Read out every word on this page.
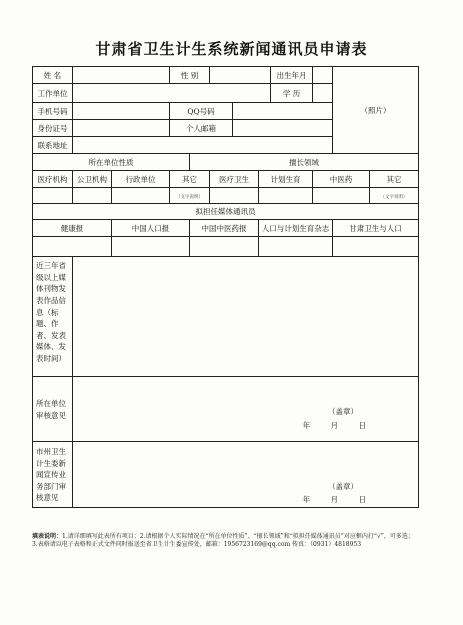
甘肃省卫生计生系统新闻通讯员申请表
姓 名			性 别					出生年月		（照片）	
工作单位								学 历			
手机号码			QQ号码								
身份证号			个人邮箱								
联系地址											
所在单位性质				擅长领域							
医疗机构	公卫机构	行政单位	其它		医疗卫生		计划生育		中医药		其它
			（文字说明）								（文字说明）
拟担任媒体通讯员											
健康报		中国人口报		中国中医药报			人口与计划生育杂志			甘肃卫生与人口	

近三年省级以上媒体刊物发表作品信息（标题、作者、发表媒体、发表时间）											
所在单位审核意见	（盖章）
年 月 日										

市州卫生计生委新闻宣传业务部门审核意见	（盖章）
年 月 日										
填表说明：1.请详细填写此表所有项目；2.请根据个人实际情况在“所在单位性质”、“擅长领域”和“拟担任媒体通讯员”对应框内打“√”，可多选；3.表格请以电子表格和正式文件同时报送至省卫生计生委宣传处，邮箱：1956723169@qq.com 传真：（0931）4818953
